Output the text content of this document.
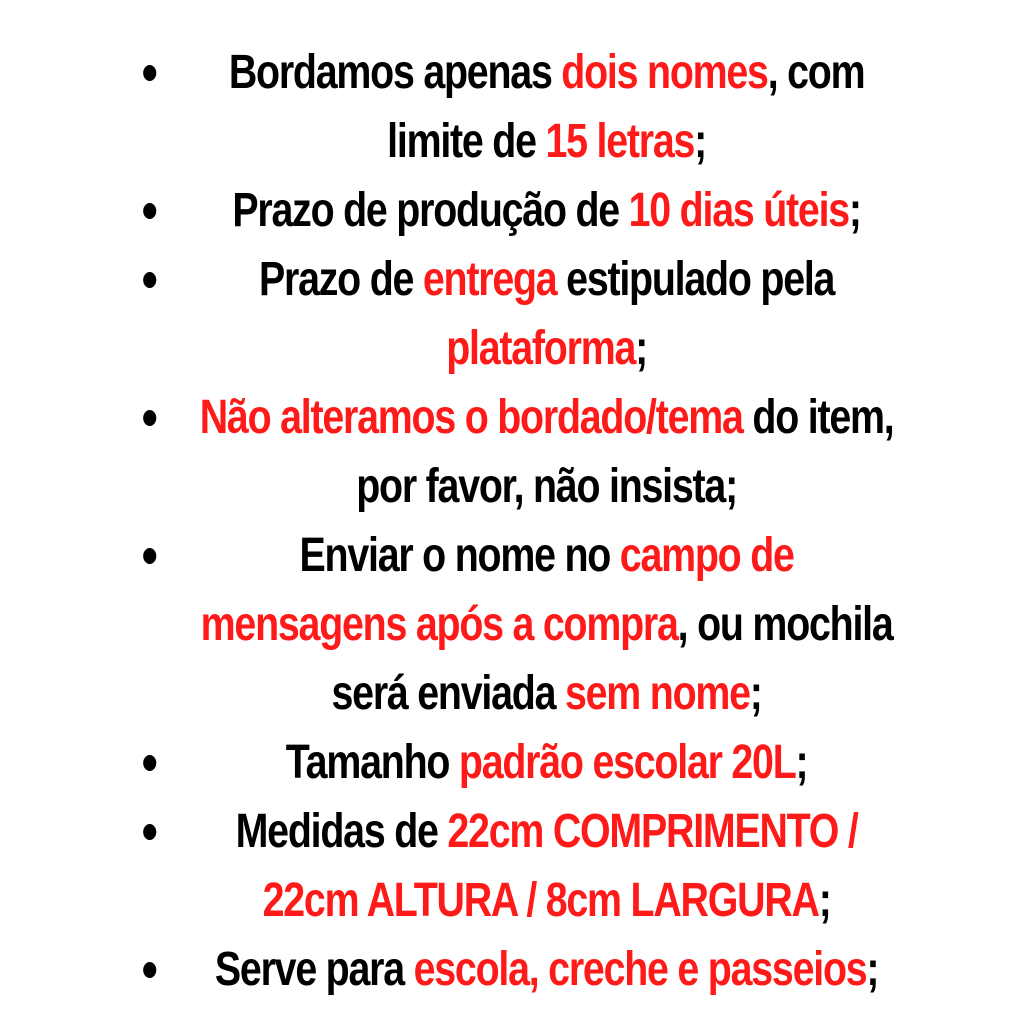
Bordamos apenas dois nomes, com limite de 15 letras;
Prazo de produção de 10 dias úteis;
Prazo de entrega estipulado pela plataforma;
Não alteramos o bordado/tema do item, por favor, não insista;
Enviar o nome no campo de mensagens após a compra, ou mochila será enviada sem nome;
Tamanho padrão escolar 20L;
Medidas de 22cm COMPRIMENTO / 22cm ALTURA / 8cm LARGURA;
Serve para escola, creche e passeios;
